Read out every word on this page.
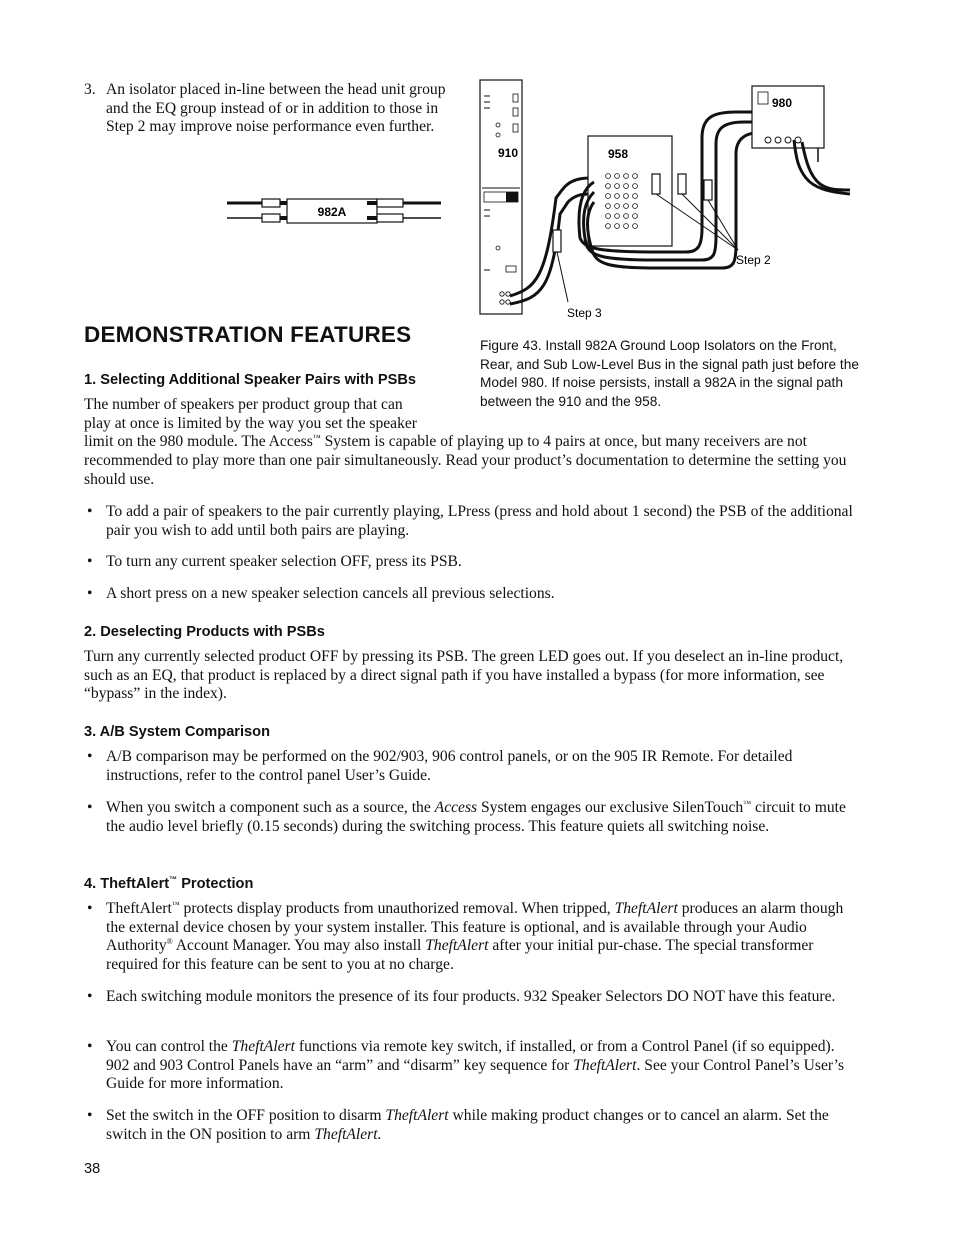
3. An isolator placed in-line between the head unit group and the EQ group instead of or in addition to those in Step 2 may improve noise performance even further.
982A
910	958
980
Step 2
Step 3
Figure 43. Install 982A Ground Loop Isolators on the Front, Rear, and Sub Low-Level Bus in the signal path just before the Model 980. If noise persists, install a 982A in the signal path between the 910 and the 958.
DEMONSTRATION FEATURES
1. Selecting Additional Speaker Pairs with PSBs
The number of speakers per product group that can
play at once is limited by the way you set the speaker
limit on the 980 module. The Access™ System is capable of playing up to 4 pairs at once, but many receivers are not recommended to play more than one pair simultaneously. Read your product’s documentation to determine the setting you should use.
• To add a pair of speakers to the pair currently playing, LPress (press and hold about 1 second) the PSB of the additional pair you wish to add until both pairs are playing.
• To turn any current speaker selection OFF, press its PSB.
• A short press on a new speaker selection cancels all previous selections.
2. Deselecting Products with PSBs
Turn any currently selected product OFF by pressing its PSB. The green LED goes out. If you deselect an in-line product, such as an EQ, that product is replaced by a direct signal path if you have installed a bypass (for more information, see “bypass” in the index).
3. A/B System Comparison
• A/B comparison may be performed on the 902/903, 906 control panels, or on the 905 IR Remote. For detailed instructions, refer to the control panel User’s Guide.
• When you switch a component such as a source, the Access System engages our exclusive SilenTouch™ circuit to mute the audio level briefly (0.15 seconds) during the switching process. This feature quiets all switching noise.
4. TheftAlert™ Protection
• TheftAlert™ protects display products from unauthorized removal. When tripped, TheftAlert produces an alarm though the external device chosen by your system installer. This feature is optional, and is available through your Audio Authority® Account Manager. You may also install TheftAlert after your initial pur-chase. The special transformer required for this feature can be sent to you at no charge.
• Each switching module monitors the presence of its four products. 932 Speaker Selectors DO NOT have this feature.
• You can control the TheftAlert functions via remote key switch, if installed, or from a Control Panel (if so equipped). 902 and 903 Control Panels have an “arm” and “disarm” key sequence for TheftAlert. See your Control Panel’s User’s Guide for more information.
• Set the switch in the OFF position to disarm TheftAlert while making product changes or to cancel an alarm. Set the switch in the ON position to arm TheftAlert.
38
